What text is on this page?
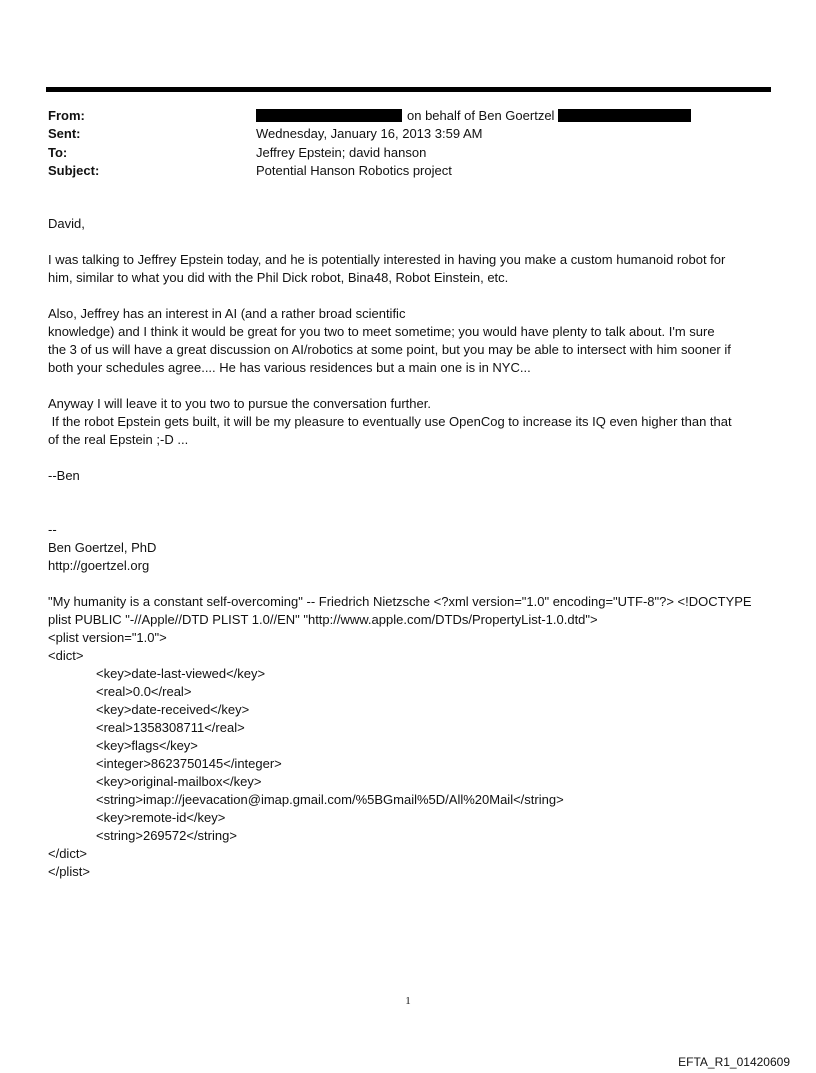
From:	on behalf of Ben Goertzel
Sent:	Wednesday, January 16, 2013 3:59 AM
To:	Jeffrey Epstein; david hanson
Subject:	Potential Hanson Robotics project
David,
I was talking to Jeffrey Epstein today, and he is potentially interested in having you make a custom humanoid robot for
him, similar to what you did with the Phil Dick robot, Bina48, Robot Einstein, etc.
Also, Jeffrey has an interest in AI (and a rather broad scientific
knowledge) and I think it would be great for you two to meet sometime; you would have plenty to talk about. I'm sure
the 3 of us will have a great discussion on AI/robotics at some point, but you may be able to intersect with him sooner if
both your schedules agree.... He has various residences but a main one is in NYC...
Anyway I will leave it to you two to pursue the conversation further.
If the robot Epstein gets built, it will be my pleasure to eventually use OpenCog to increase its IQ even higher than that
of the real Epstein ;-D ...
--Ben
--
Ben Goertzel, PhD
http://goertzel.org
"My humanity is a constant self-overcoming" -- Friedrich Nietzsche <?xml version="1.0" encoding="UTF-8"?> <!DOCTYPE
plist PUBLIC "-//Apple//DTD PLIST 1.0//EN" "http://www.apple.com/DTDs/PropertyList-1.0.dtd">
<plist version="1.0">
<dict>
<key>date-last-viewed</key>
<real>0.0</real>
<key>date-received</key>
<real>1358308711</real>
<key>flags</key>
<integer>8623750145</integer>
<key>original-mailbox</key>
<string>imap://jeevacation@imap.gmail.com/%5BGmail%5D/All%20Mail</string>
<key>remote-id</key>
<string>269572</string>
</dict>
</plist>
1
EFTA_R1_01420609
